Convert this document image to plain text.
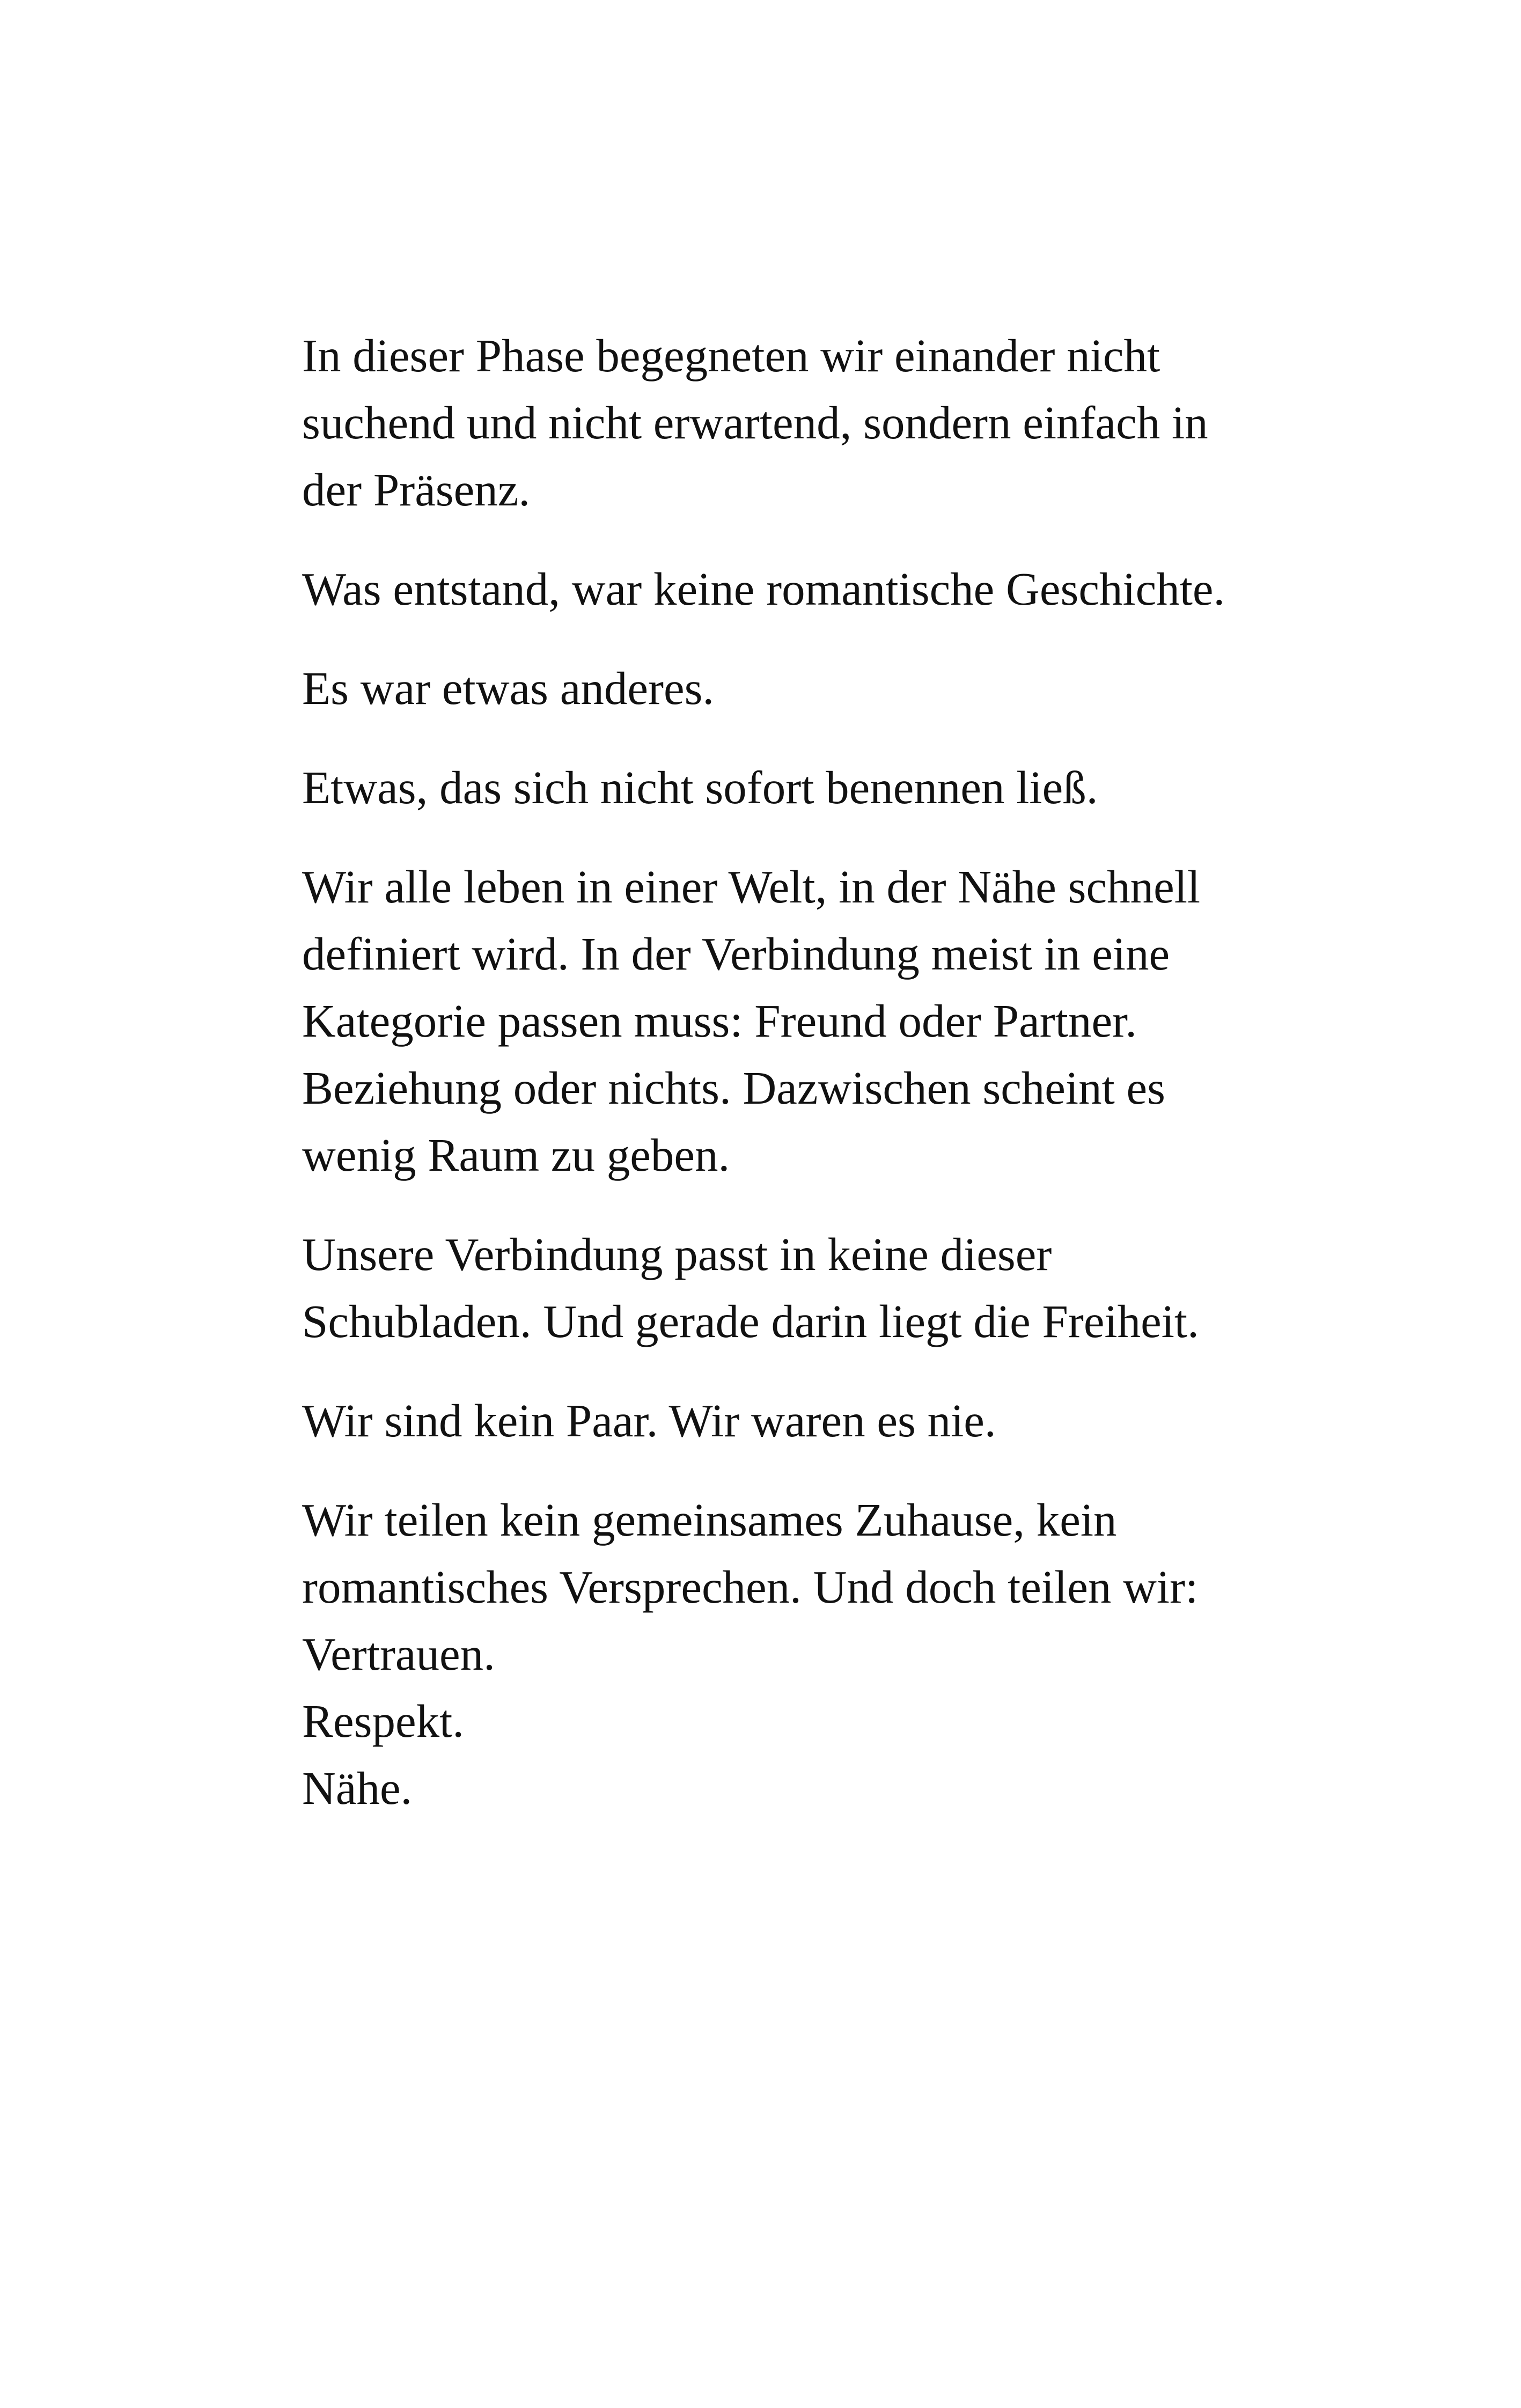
In dieser Phase begegneten wir einander nicht
suchend und nicht erwartend, sondern einfach in
der Präsenz.

Was entstand, war keine romantische Geschichte.

Es war etwas anderes.

Etwas, das sich nicht sofort benennen ließ.

Wir alle leben in einer Welt, in der Nähe schnell
definiert wird. In der Verbindung meist in eine
Kategorie passen muss: Freund oder Partner.
Beziehung oder nichts. Dazwischen scheint es
wenig Raum zu geben.

Unsere Verbindung passt in keine dieser
Schubladen. Und gerade darin liegt die Freiheit.

Wir sind kein Paar. Wir waren es nie.

Wir teilen kein gemeinsames Zuhause, kein
romantisches Versprechen. Und doch teilen wir:
Vertrauen.
Respekt.
Nähe.
